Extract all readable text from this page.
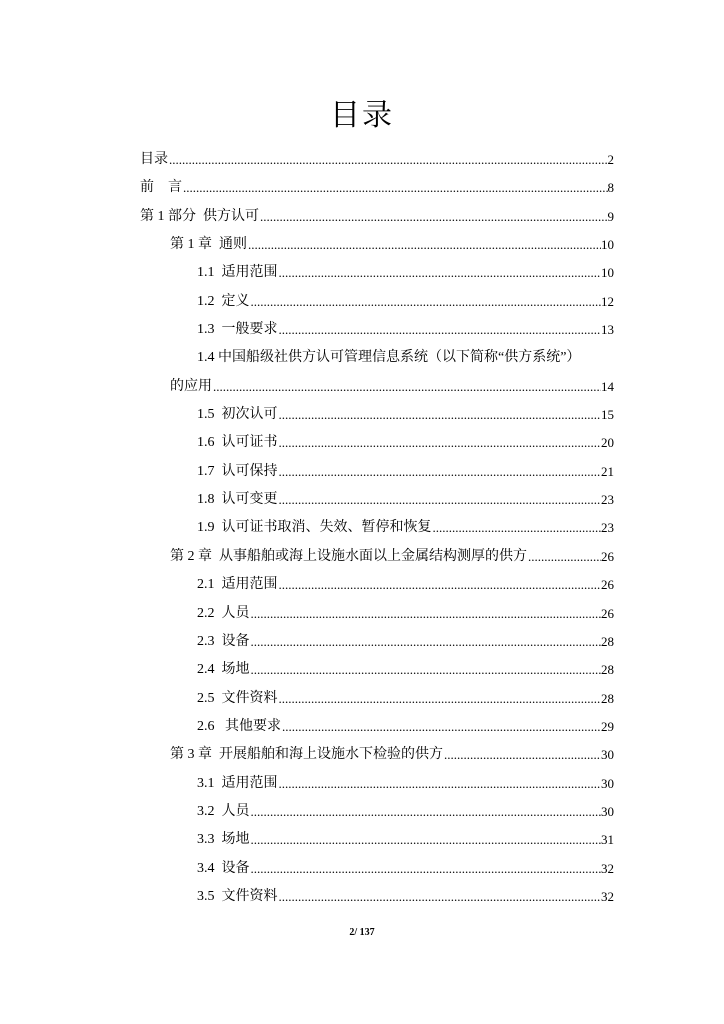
目录
目录 .....	2
前　言 .....	8
第 1 部分  供方认可 .....	9
第 1 章  通则 .....	10
1.1  适用范围 .....	10
1.2  定义 .....	12
1.3  一般要求 .....	13
1.4 中国船级社供方认可管理信息系统（以下简称“供方系统”）
的应用 .....	14
1.5  初次认可 .....	15
1.6  认可证书 .....	20
1.7  认可保持 .....	21
1.8  认可变更 .....	23
1.9  认可证书取消、失效、暂停和恢复 .....	23
第 2 章  从事船舶或海上设施水面以上金属结构测厚的供方 .....	26
2.1  适用范围 .....	26
2.2  人员 .....	26
2.3  设备 .....	28
2.4  场地 .....	28
2.5  文件资料 .....	28
2.6   其他要求 .....	29
第 3 章  开展船舶和海上设施水下检验的供方 .....	30
3.1  适用范围 .....	30
3.2  人员 .....	30
3.3  场地 .....	31
3.4  设备 .....	32
3.5  文件资料 .....	32
2/ 137
